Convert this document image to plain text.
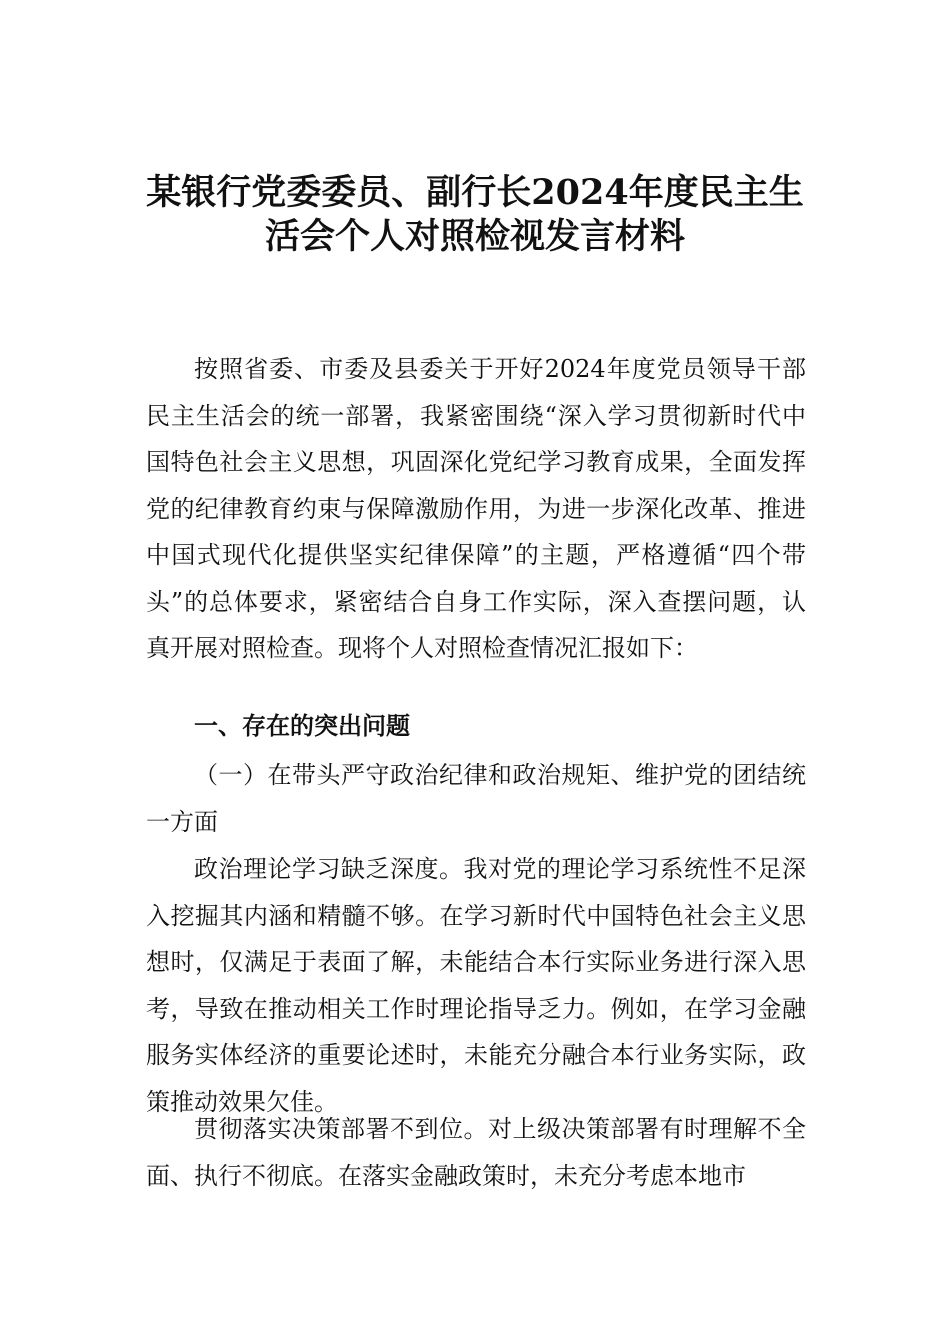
某银行党委委员、副行长2024年度民主生
活会个人对照检视发言材料

按照省委、市委及县委关于开好2024年度党员领导干部民主生活会的统一部署，我紧密围绕“深入学习贯彻新时代中国特色社会主义思想，巩固深化党纪学习教育成果，全面发挥党的纪律教育约束与保障激励作用，为进一步深化改革、推进中国式现代化提供坚实纪律保障”的主题，严格遵循“四个带头”的总体要求，紧密结合自身工作实际，深入查摆问题，认真开展对照检查。现将个人对照检查情况汇报如下：

一、存在的突出问题

（一）在带头严守政治纪律和政治规矩、维护党的团结统一方面

政治理论学习缺乏深度。我对党的理论学习系统性不足深入挖掘其内涵和精髓不够。在学习新时代中国特色社会主义思想时，仅满足于表面了解，未能结合本行实际业务进行深入思考，导致在推动相关工作时理论指导乏力。例如，在学习金融服务实体经济的重要论述时，未能充分融合本行业务实际，政策推动效果欠佳。

贯彻落实决策部署不到位。对上级决策部署有时理解不全面、执行不彻底。在落实金融政策时，未充分考虑本地市
